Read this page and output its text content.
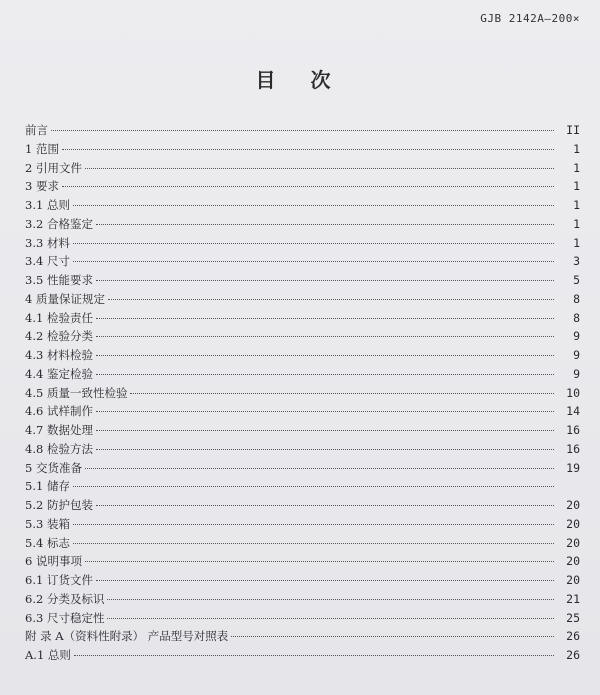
GJB 2142A—200×
目 次
前言	II
1 范围	1
2 引用文件	1
3 要求	1
3.1 总则	1
3.2 合格鉴定	1
3.3 材料	1
3.4 尺寸	3
3.5 性能要求	5
4 质量保证规定	8
4.1 检验责任	8
4.2 检验分类	9
4.3 材料检验	9
4.4 鉴定检验	9
4.5 质量一致性检验	10
4.6 试样制作	14
4.7 数据处理	16
4.8 检验方法	16
5 交货准备	19
5.1 储存
5.2 防护包装	20
5.3 装箱	20
5.4 标志	20
6 说明事项	20
6.1 订货文件	20
6.2 分类及标识	21
6.3 尺寸稳定性	25
附 录 A（资料性附录） 产品型号对照表	26
A.1 总则	26
